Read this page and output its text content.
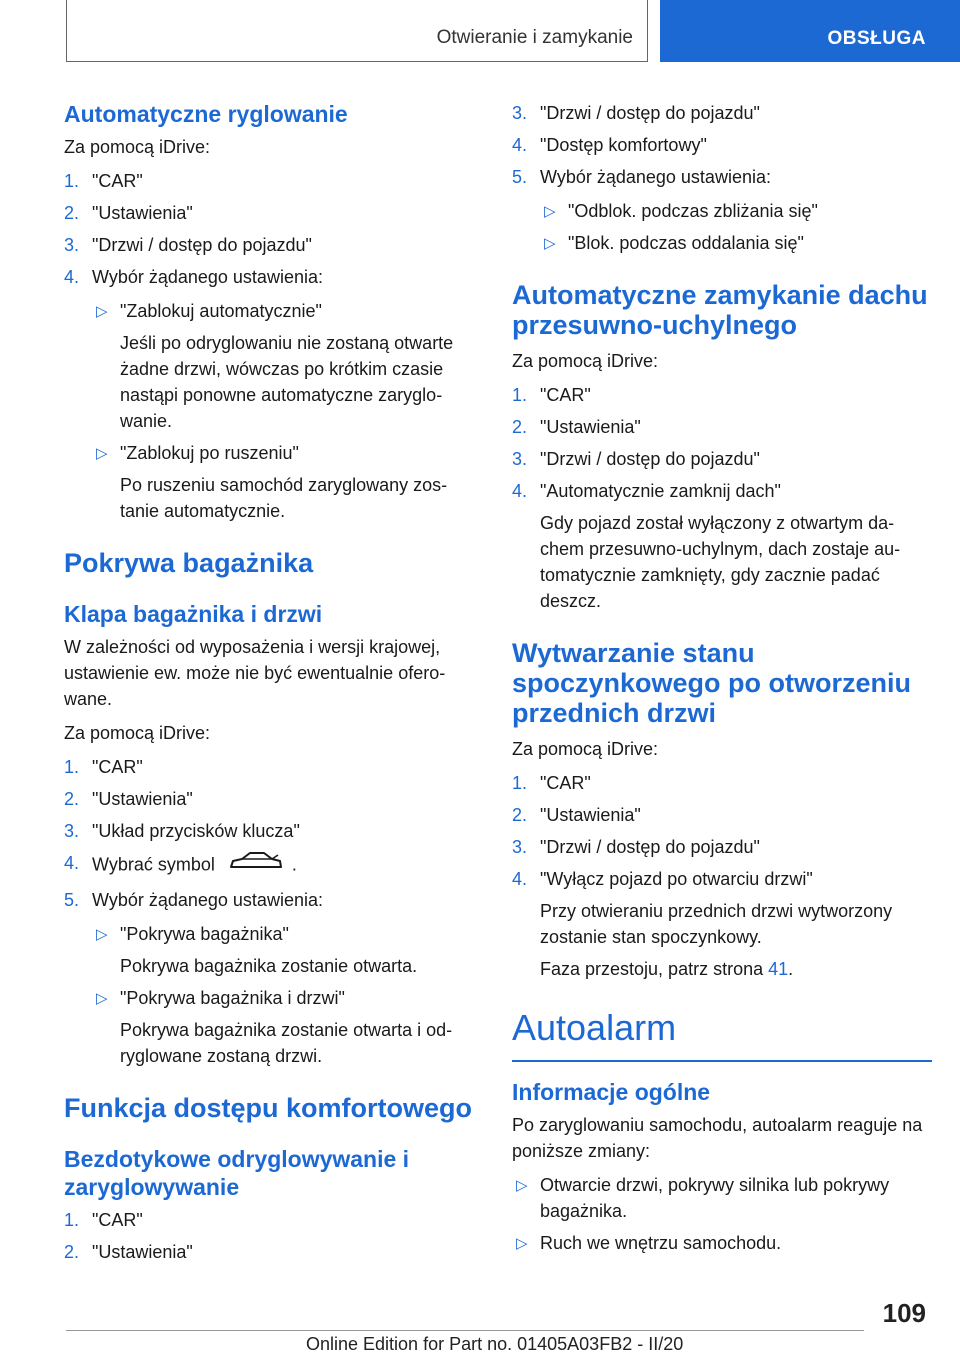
Otwieranie i zamykanie	OBSŁUGA
Automatyczne ryglowanie

Za pomocą iDrive:

1. "CAR"
2. "Ustawienia"
3. "Drzwi / dostęp do pojazdu"
4. Wybór żądanego ustawienia:
▷ "Zablokuj automatycznie"
Jeśli po odryglowaniu nie zostaną otwarte żadne drzwi, wówczas po krótkim czasie nastąpi ponowne automatyczne zaryglo-wanie.
▷ "Zablokuj po ruszeniu"
Po ruszeniu samochód zaryglowany zos-tanie automatycznie.
Pokrywa bagażnika
Klapa bagażnika i drzwi

W zależności od wyposażenia i wersji krajowej, ustawienie ew. może nie być ewentualnie ofero-wane.

Za pomocą iDrive:

1. "CAR"
2. "Ustawienia"
3. "Układ przycisków klucza"
4. Wybrać symbol	.
5. Wybór żądanego ustawienia:
▷ "Pokrywa bagażnika"
Pokrywa bagażnika zostanie otwarta.
▷ "Pokrywa bagażnika i drzwi"
Pokrywa bagażnika zostanie otwarta i od-ryglowane zostaną drzwi.
Funkcja dostępu komfortowego
Bezdotykowe odryglowywanie i zaryglowywanie
1. "CAR"
2. "Ustawienia"
3. "Drzwi / dostęp do pojazdu"
4. "Dostęp komfortowy"
5. Wybór żądanego ustawienia:
▷ "Odblok. podczas zbliżania się"
▷ "Blok. podczas oddalania się"
Automatyczne zamykanie dachu przesuwno-uchylnego

Za pomocą iDrive:

1. "CAR"
2. "Ustawienia"
3. "Drzwi / dostęp do pojazdu"
4. "Automatycznie zamknij dach"
Gdy pojazd został wyłączony z otwartym da-chem przesuwno-uchylnym, dach zostaje au-tomatycznie zamknięty, gdy zacznie padać deszcz.
Wytwarzanie stanu spoczynkowego po otworzeniu przednich drzwi

Za pomocą iDrive:

1. "CAR"
2. "Ustawienia"
3. "Drzwi / dostęp do pojazdu"
4. "Wyłącz pojazd po otwarciu drzwi"
Przy otwieraniu przednich drzwi wytworzony zostanie stan spoczynkowy.
Faza przestoju, patrz strona 41.
Autoalarm
Informacje ogólne

Po zaryglowaniu samochodu, autoalarm reaguje na poniższe zmiany:

▷ Otwarcie drzwi, pokrywy silnika lub pokrywy bagażnika.
▷ Ruch we wnętrzu samochodu.
109
Online Edition for Part no. 01405A03FB2 - II/20
